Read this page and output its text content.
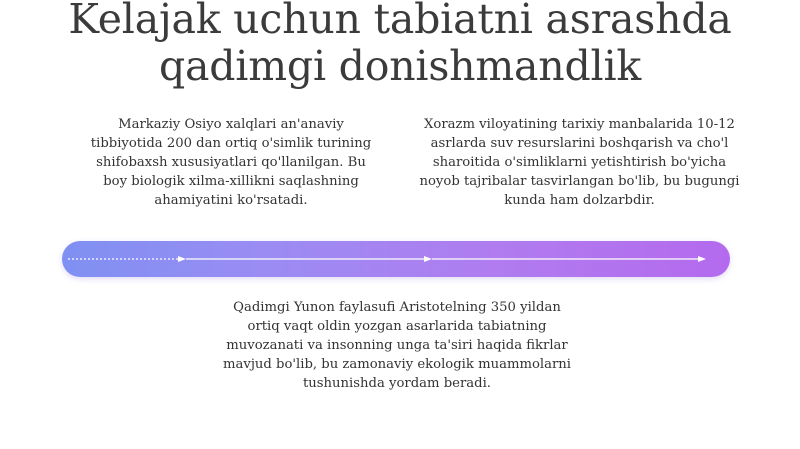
Kelajak uchun tabiatni asrashda qadimgi donishmandlik
Markaziy Osiyo xalqlari an'anaviy tibbiyotida 200 dan ortiq o'simlik turining shifobaxsh xususiyatlari qo'llanilgan. Bu boy biologik xilma-xillikni saqlashning ahamiyatini ko'rsatadi.
Xorazm viloyatining tarixiy manbalarida 10-12 asrlarda suv resurslarini boshqarish va cho'l sharoitida o'simliklarni yetishtirish bo'yicha noyob tajribalar tasvirlangan bo'lib, bu bugungi kunda ham dolzarbdir.
Qadimgi Yunon faylasufi Aristotelning 350 yildan ortiq vaqt oldin yozgan asarlarida tabiatning muvozanati va insonning unga ta'siri haqida fikrlar mavjud bo'lib, bu zamonaviy ekologik muammolarni tushunishda yordam beradi.
